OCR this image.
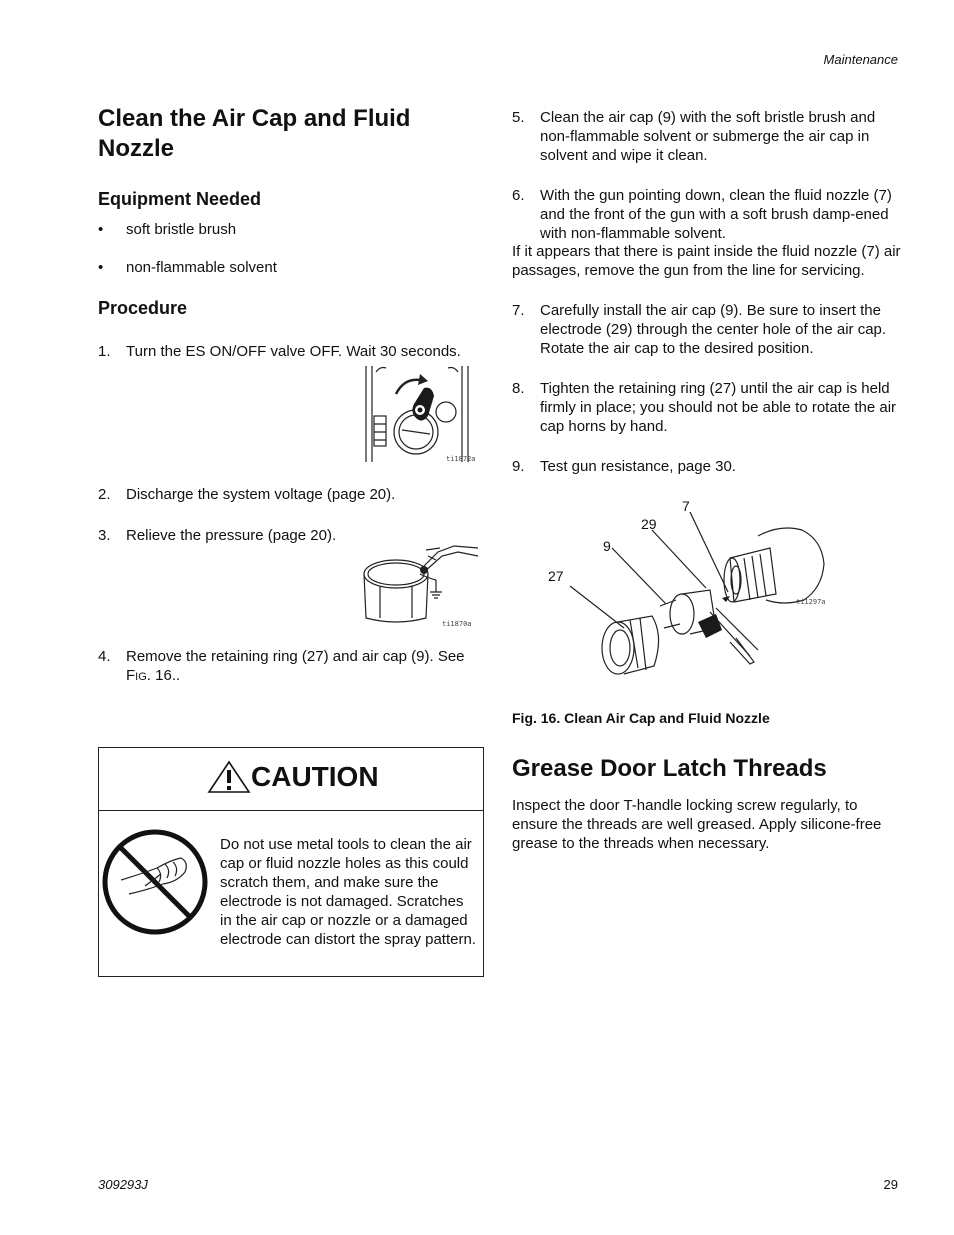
Maintenance
Clean the Air Cap and Fluid Nozzle
Equipment Needed
• soft bristle brush
• non-flammable solvent
Procedure
1. Turn the ES ON/OFF valve OFF. Wait 30 seconds.
ti1872a
2. Discharge the system voltage (page 20).
3. Relieve the pressure (page 20).
ti1870a
4. Remove the retaining ring (27) and air cap (9). See FIG. 16..
CAUTION
Do not use metal tools to clean the air cap or fluid nozzle holes as this could scratch them, and make sure the electrode is not damaged. Scratches in the air cap or nozzle or a damaged electrode can distort the spray pattern.
5. Clean the air cap (9) with the soft bristle brush and non-flammable solvent or submerge the air cap in solvent and wipe it clean.
6. With the gun pointing down, clean the fluid nozzle (7) and the front of the gun with a soft brush damp-ened with non-flammable solvent.
If it appears that there is paint inside the fluid nozzle (7) air passages, remove the gun from the line for servicing.
7. Carefully install the air cap (9). Be sure to insert the electrode (29) through the center hole of the air cap. Rotate the air cap to the desired position.
8. Tighten the retaining ring (27) until the air cap is held firmly in place; you should not be able to rotate the air cap horns by hand.
9. Test gun resistance, page 30.
7
29
9
27
ti1297a
Fig. 16. Clean Air Cap and Fluid Nozzle
Grease Door Latch Threads
Inspect the door T-handle locking screw regularly, to ensure the threads are well greased. Apply silicone-free grease to the threads when necessary.
309293J	29
